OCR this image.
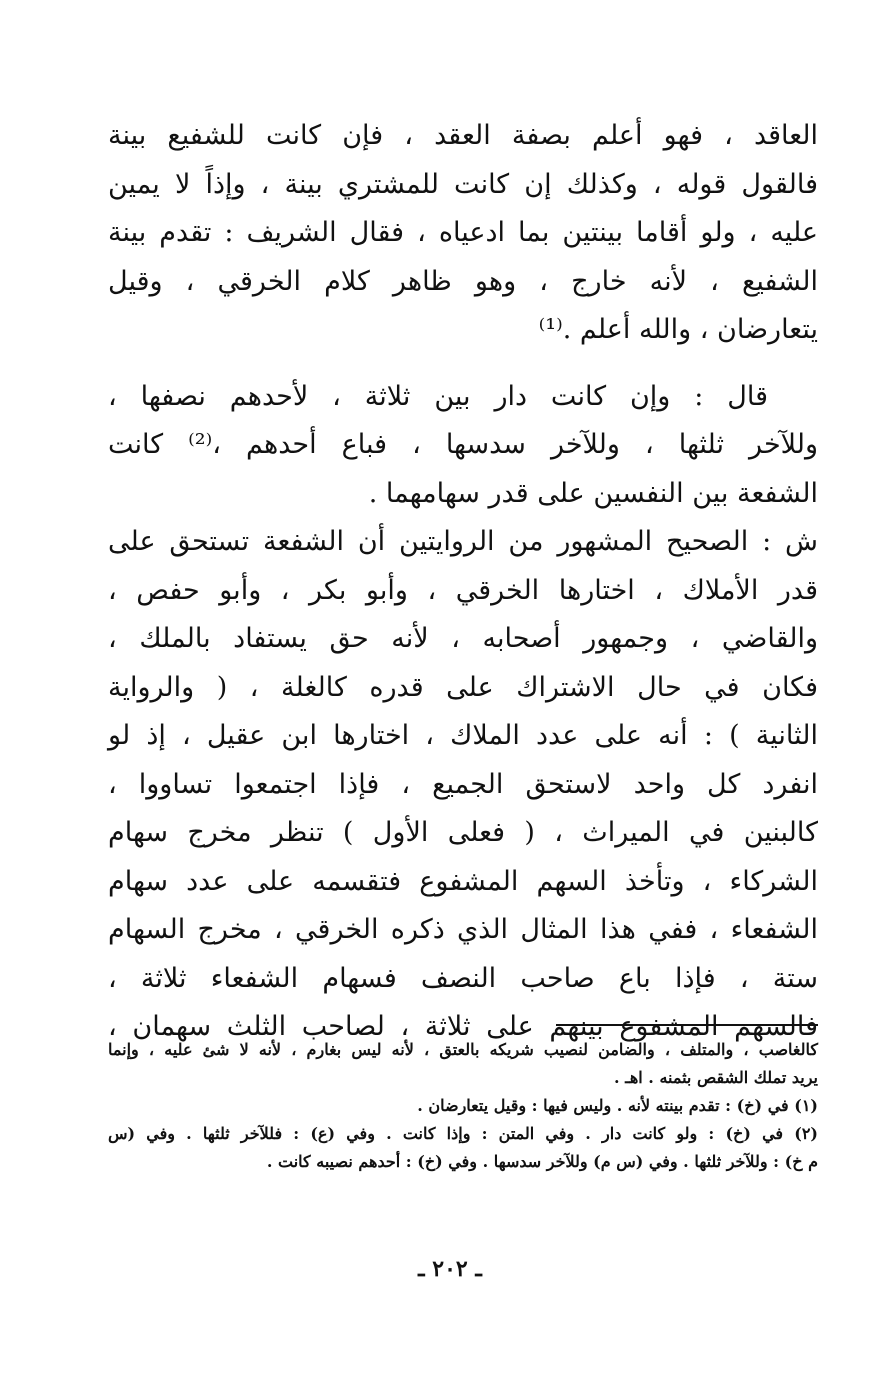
العاقد ، فهو أعلم بصفة العقد ، فإن كانت للشفيع بينة
فالقول قوله ، وكذلك إن كانت للمشتري بينة ، وإذاً لا يمين
عليه ، ولو أقاما بينتين بما ادعياه ، فقال الشريف : تقدم بينة
الشفيع ، لأنه خارج ، وهو ظاهر كلام الخرقي ، وقيل
يتعارضان ، والله أعلم .⁽¹⁾
قال : وإن كانت دار بين ثلاثة ، لأحدهم نصفها ،
وللآخر ثلثها ، وللآخر سدسها ، فباع أحدهم ،⁽²⁾ كانت
الشفعة بين النفسين على قدر سهامهما .
ش : الصحيح المشهور من الروايتين أن الشفعة تستحق على
قدر الأملاك ، اختارها الخرقي ، وأبو بكر ، وأبو حفص ،
والقاضي ، وجمهور أصحابه ، لأنه حق يستفاد بالملك ،
فكان في حال الاشتراك على قدره كالغلة ، ( والرواية
الثانية ) : أنه على عدد الملاك ، اختارها ابن عقيل ، إذ لو
انفرد كل واحد لاستحق الجميع ، فإذا اجتمعوا تساووا ،
كالبنين في الميراث ، ( فعلى الأول ) تنظر مخرج سهام
الشركاء ، وتأخذ السهم المشفوع فتقسمه على عدد سهام
الشفعاء ، ففي هذا المثال الذي ذكره الخرقي ، مخرج السهام
ستة ، فإذا باع صاحب النصف فسهام الشفعاء ثلاثة ،
فالسهم المشفوع بينهم على ثلاثة ، لصاحب الثلث سهمان ،
كالغاصب ، والمتلف ، والضامن لنصيب شريكه بالعتق ، لأنه ليس بغارم ، لأنه لا شئ عليه ، وإنما
يريد تملك الشقص بثمنه . اهـ .
(١) في (خ) : تقدم بينته لأنه . وليس فيها : وقيل يتعارضان .
(٢) في (خ) : ولو كانت دار . وفي المتن : وإذا كانت . وفي (ع) : فللآخر ثلثها . وفي (س
م خ) : وللآخر ثلثها . وفي (س م) وللآخر سدسها . وفي (خ) : أحدهم نصيبه كانت .
ـ ٢٠٢ ـ
